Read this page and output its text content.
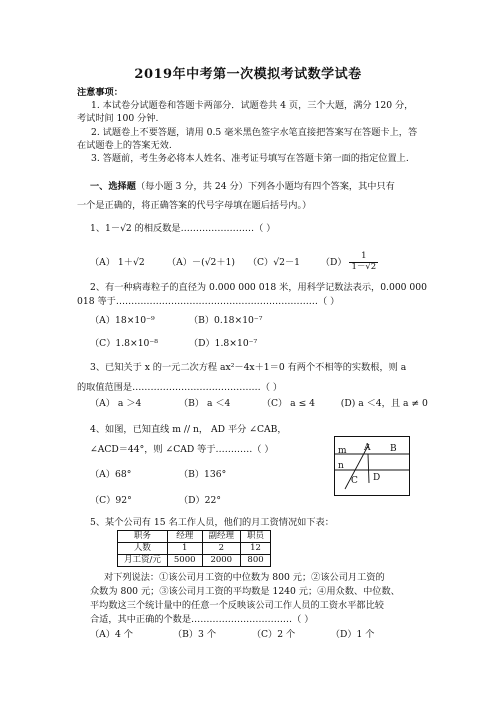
2019年中考第一次模拟考试数学试卷
注意事项：
1. 本试卷分试题卷和答题卡两部分．试题卷共 4 页，三个大题，满分 120 分，考试时间 100 分钟.
2. 试题卷上不要答题，请用 0.5 毫米黑色签字水笔直接把答案写在答题卡上，答在试题卷上的答案无效.
3. 答题前，考生务必将本人姓名、准考证号填写在答题卡第一面的指定位置上.
一、选择题（每小题 3 分，共 24 分）下列各小题均有四个答案，其中只有
一个是正确的，将正确答案的代号字母填在题后括号内。）
1、1－√2 的相反数是……………………（ ）
（A） 1＋√2 （A）－(√2＋1) （C）√2－1 $(D) \frac{1}{1-√2}$
2、有一种病毒粒子的直径为 0.000 000 018 米，用科学记数法表示，0.000 000
018 等于…………………………………………………………（ ）
（A）18×10⁻⁹	（B）0.18×10⁻⁷
（C）1.8×10⁻⁸	（D）1.8×10⁻⁷
3、已知关于 x 的一元二次方程 ax²－4x＋1＝0 有两个不相等的实数根，则 a
的取值范围是……………………………………（ ）
（A） a ＞4	（B） a ＜4	（C） a ≤ 4	(D) a ＜4，且 a ≠ 0
4、如图，已知直线 m // n， AD 平分 ∠CAB，
∠ACD＝44°，则 ∠CAD 等于…………（ ）
（A）68°	（B）136°
（C）92°	（D）22°
m
n
A B
C D
5、某个公司有 15 名工作人员，他们的月工资情况如下表：
职务	经理	副经理	职员
人数	1	2	12
月工资/元	5000	2000	800
对下列说法：①该公司月工资的中位数为 800 元；②该公司月工资的
众数为 800 元；③该公司月工资的平均数是 1240 元；④用众数、中位数、
平均数这三个统计量中的任意一个反映该公司工作人员的工资水平都比较
合适，其中正确的个数是……………………………（ ）
（A）4 个	（B）3 个	（C）2 个	（D）1 个
